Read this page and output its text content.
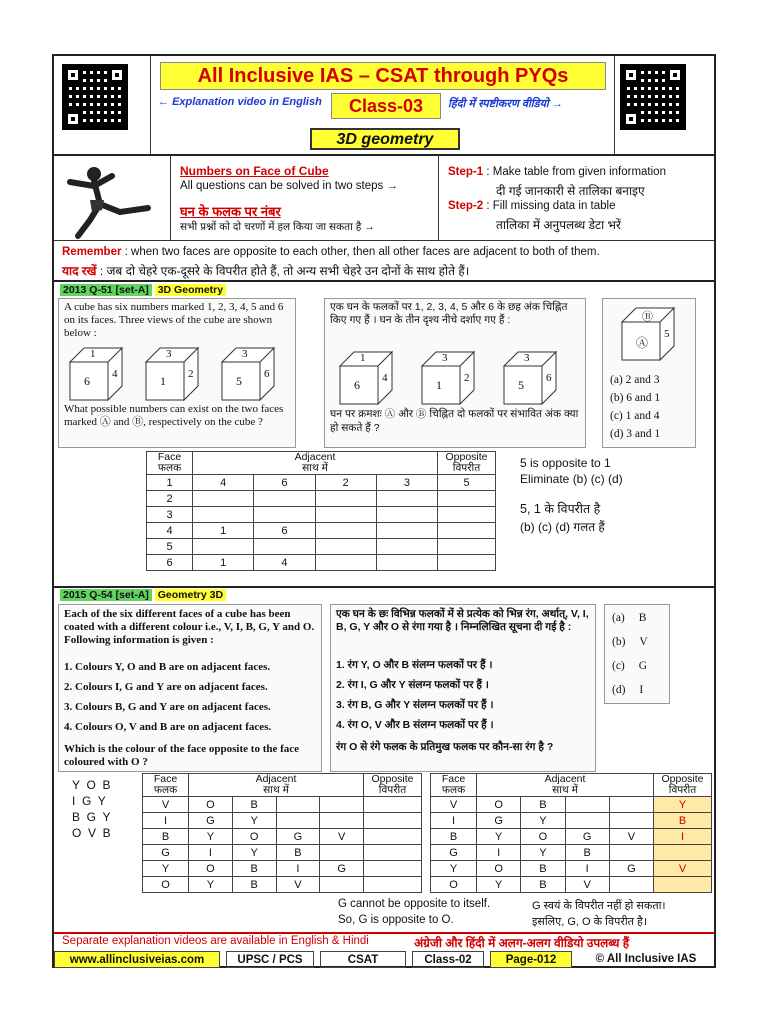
All Inclusive IAS – CSAT through PYQs
← Explanation video in English	Class-03	हिंदी में स्पष्टीकरण वीडियो →
3D geometry
Numbers on Face of Cube
All questions can be solved in two steps →
घन के फलक पर नंबर
सभी प्रश्नों को दो चरणों में हल किया जा सकता है →
Step-1 : Make table from given information
दी गई जानकारी से तालिका बनाइए
Step-2 : Fill missing data in table
तालिका में अनुपलब्ध डेटा भरें
Remember : when two faces are opposite to each other, then all other faces are adjacent to both of them.
याद रखें : जब दो चेहरे एक-दूसरे के विपरीत होते हैं, तो अन्य सभी चेहरे उन दोनों के साथ होते हैं।
2013 Q-51 [set-A] 3D Geometry
A cube has six numbers marked 1, 2, 3, 4, 5 and 6 on its faces. Three views of the cube are shown below :
What possible numbers can exist on the two faces marked Ⓐ and Ⓑ, respectively on the cube ?
एक घन के फलकों पर 1, 2, 3, 4, 5 और 6 के छह अंक चिह्नित किए गए हैं । घन के तीन दृश्य नीचे दर्शाए गए हैं :
घन पर क्रमशः Ⓐ और Ⓑ चिह्नित दो फलकों पर संभावित अंक क्या हो सकते हैं ?
Face
फलक	Adjacent
साथ में				Opposite
विपरीत
1	4	6	2	3	5
2					
3					
4	1	6			
5					
6	1	4			
5 is opposite to 1
Eliminate (b) (c) (d)
5, 1 के विपरीत है
(b) (c) (d) गलत हैं
2015 Q-54 [set-A] Geometry 3D
Each of the six different faces of a cube has been coated with a different colour i.e., V, I, B, G, Y and O. Following information is given :
1. Colours Y, O and B are on adjacent faces.
2. Colours I, G and Y are on adjacent faces.
3. Colours B, G and Y are on adjacent faces.
4. Colours O, V and B are on adjacent faces.
Which is the colour of the face opposite to the face coloured with O ?
एक घन के छः विभिन्न फलकों में से प्रत्येक को भिन्न रंग, अर्थात्, V, I, B, G, Y और O से रंगा गया है । निम्नलिखित सूचना दी गई है :
1. रंग Y, O और B संलग्न फलकों पर हैं ।
2. रंग I, G और Y संलग्न फलकों पर हैं ।
3. रंग B, G और Y संलग्न फलकों पर हैं ।
4. रंग O, V और B संलग्न फलकों पर हैं ।
रंग O से रंगे फलक के प्रतिमुख फलक पर कौन-सा रंग है ?
Face
फलक	Adjacent
साथ में				Opposite
विपरीत
V	O	B			
I	G	Y			
B	Y	O	G	V	
G	I	Y	B		
Y	O	B	I	G	
O	Y	B	V		
Face
फलक	Adjacent
साथ में				Opposite
विपरीत
V	O	B			Y
I	G	Y			B
B	Y	O	G	V	I
G	I	Y	B		
Y	O	B	I	G	V
O	Y	B	V		
G cannot be opposite to itself.
So, G is opposite to O.
G स्वयं के विपरीत नहीं हो सकता।
इसलिए, G, O के विपरीत है।
Separate explanation videos are available in English & Hindi	अंग्रेजी और हिंदी में अलग-अलग वीडियो उपलब्ध हैं
www.allinclusiveias.com	UPSC / PCS	CSAT	Class-02	Page-012	© All Inclusive IAS
1
6 4
3
1 2
3
5 6
1
6 4
3
1 2
3
5 6
Ⓑ
Ⓐ
5
(a) 2 and 3
(b) 6 and 1
(c) 1 and 4
(d) 3 and 1
(a) B
(b) V
(c) G
(d) I
Y  O  B
I  G  Y
B  G  Y
O  V  B
